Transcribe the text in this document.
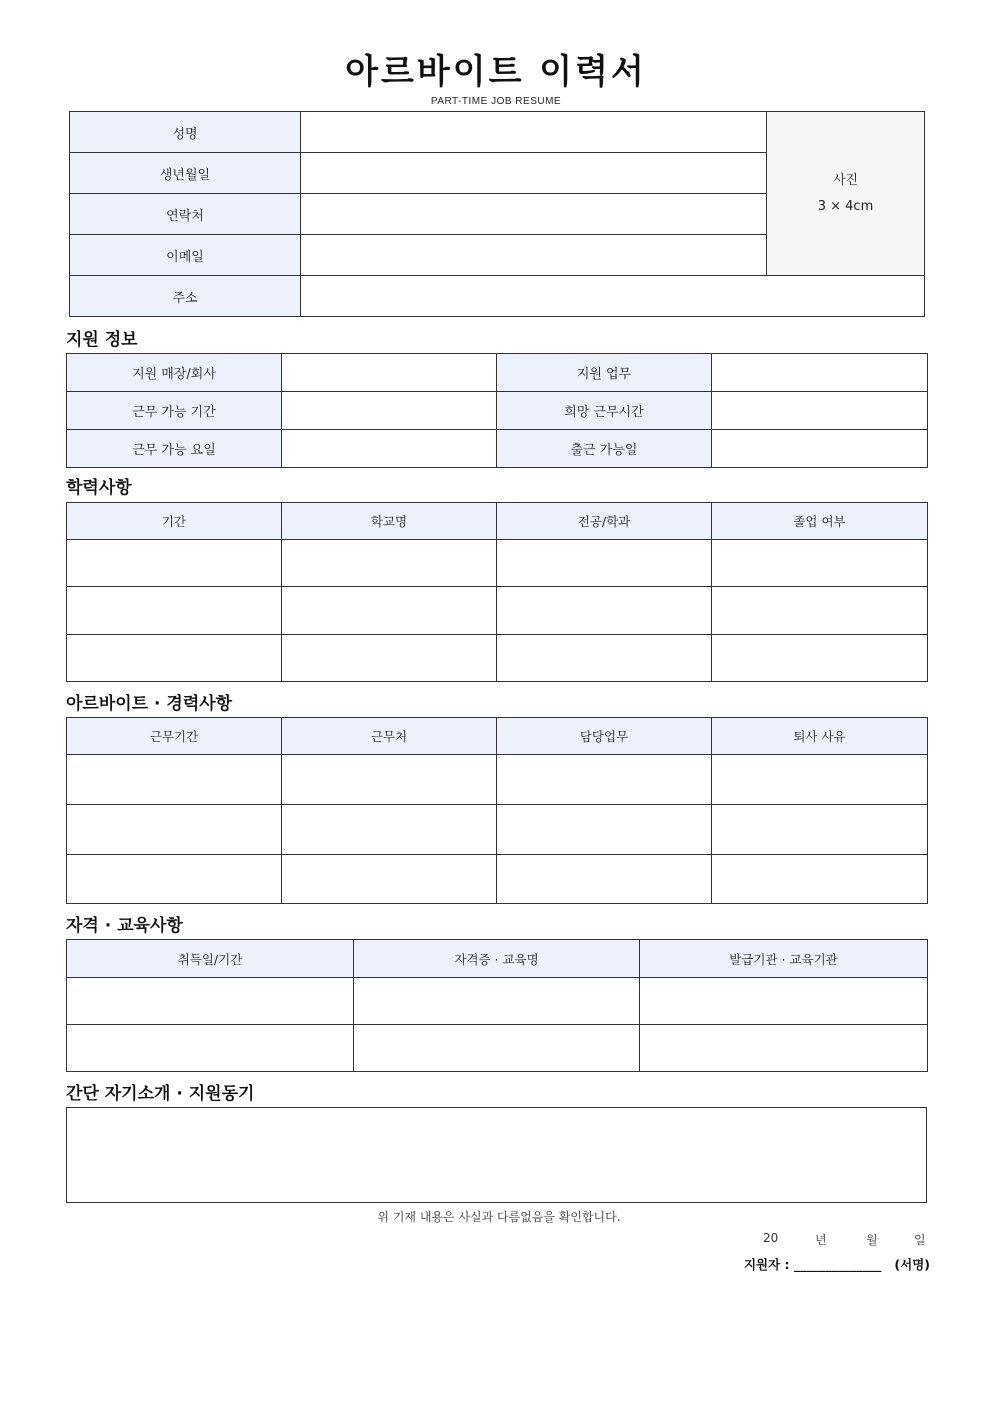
아르바이트 이력서
PART-TIME JOB RESUME
성명		사진
3 × 4cm

생년월일		
연락처		
이메일		
주소		
지원 정보
지원 매장/회사		지원 업무	
근무 가능 기간		희망 근무시간	
근무 가능 요일		출근 가능일	
학력사항
기간	학교명	전공/학과	졸업 여부

아르바이트 · 경력사항
근무기간	근무처	담당업무	퇴사 사유

자격 · 교육사항
취득일/기간	자격증 · 교육명	발급기관 · 교육기관

간단 자기소개 · 지원동기
위 기재 내용은 사실과 다름없음을 확인합니다.
20	년	월	일
지원자 : ______________   (서명)
